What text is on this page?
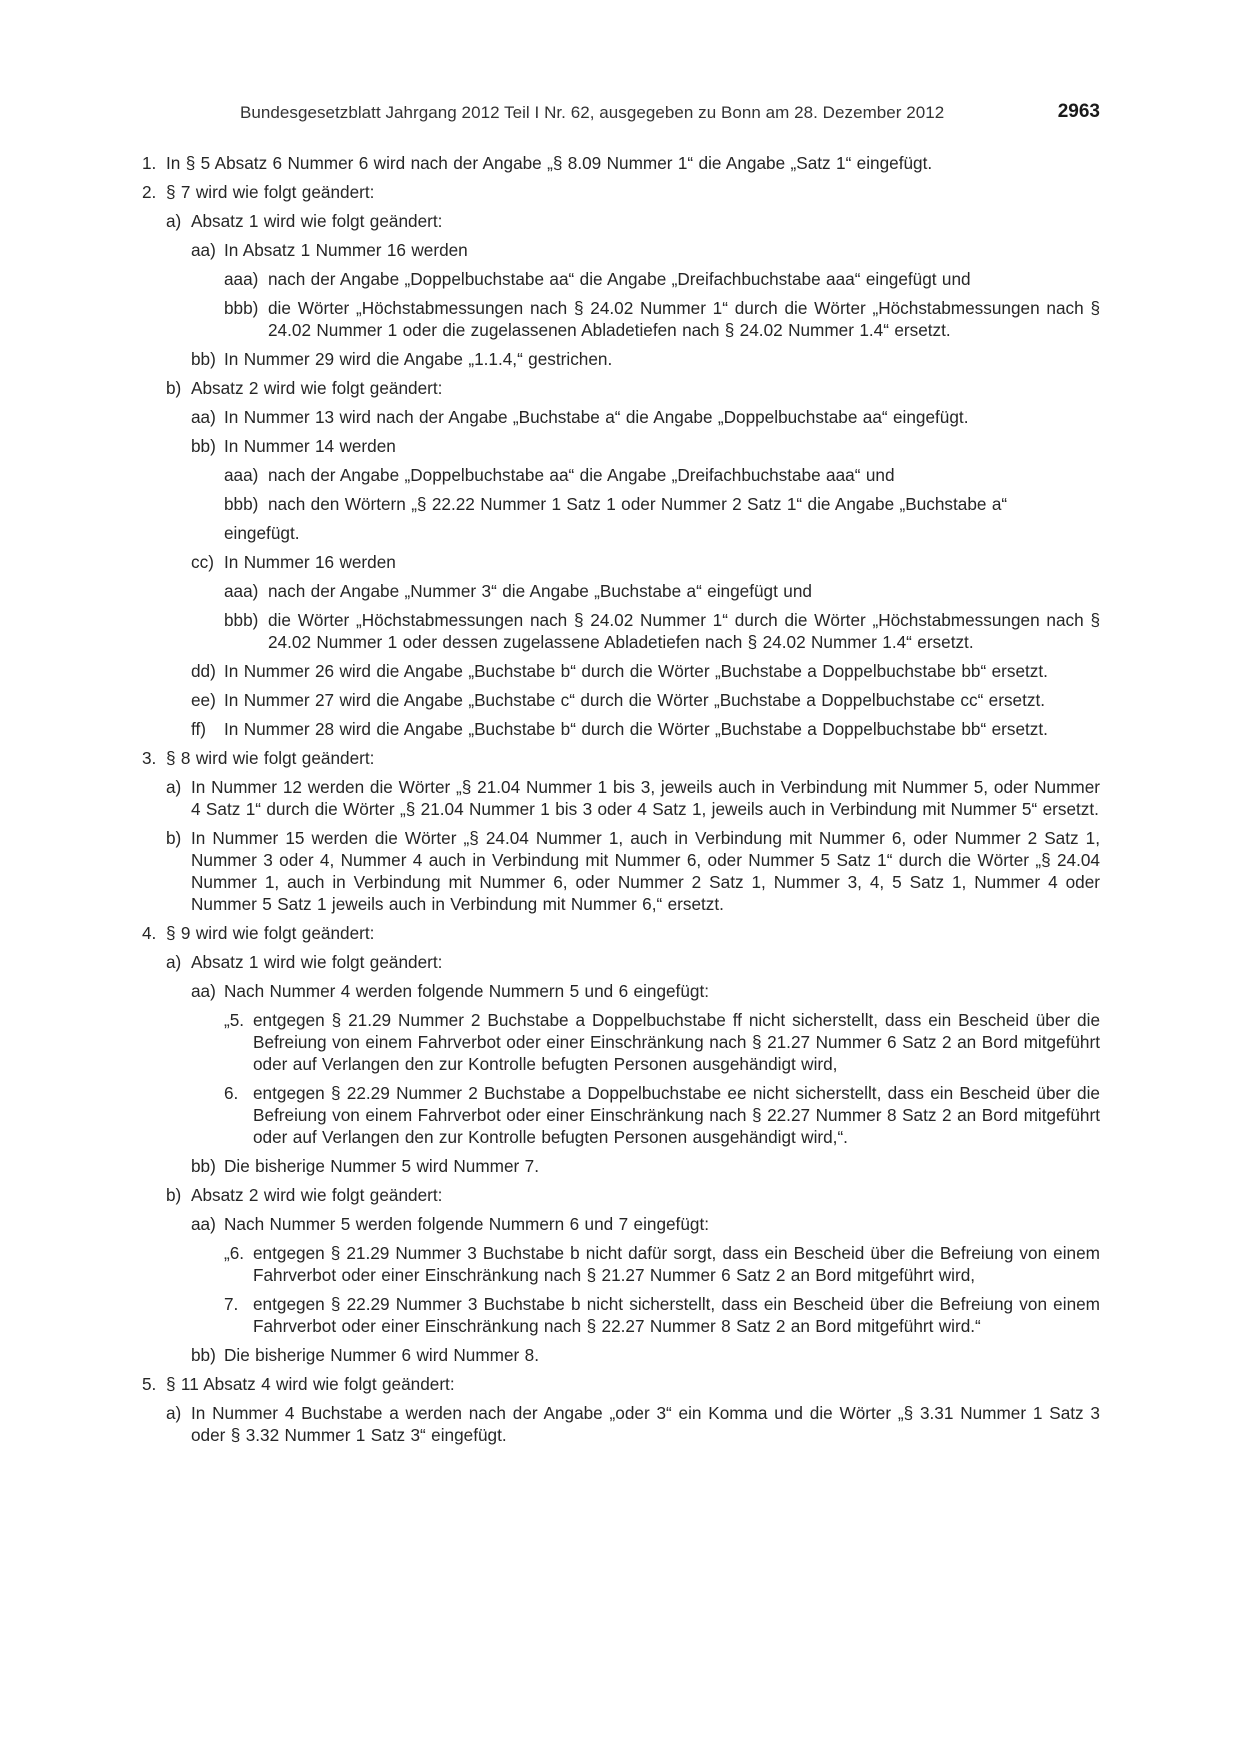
Bundesgesetzblatt Jahrgang 2012 Teil I Nr. 62, ausgegeben zu Bonn am 28. Dezember 2012	2963
1. In § 5 Absatz 6 Nummer 6 wird nach der Angabe „§ 8.09 Nummer 1“ die Angabe „Satz 1“ eingefügt.
2. § 7 wird wie folgt geändert:
a) Absatz 1 wird wie folgt geändert:
aa) In Absatz 1 Nummer 16 werden
aaa) nach der Angabe „Doppelbuchstabe aa“ die Angabe „Dreifachbuchstabe aaa“ eingefügt und
bbb) die Wörter „Höchstabmessungen nach § 24.02 Nummer 1“ durch die Wörter „Höchstabmessungen nach § 24.02 Nummer 1 oder die zugelassenen Abladetiefen nach § 24.02 Nummer 1.4“ ersetzt.
bb) In Nummer 29 wird die Angabe „1.1.4,“ gestrichen.
b) Absatz 2 wird wie folgt geändert:
aa) In Nummer 13 wird nach der Angabe „Buchstabe a“ die Angabe „Doppelbuchstabe aa“ eingefügt.
bb) In Nummer 14 werden
aaa) nach der Angabe „Doppelbuchstabe aa“ die Angabe „Dreifachbuchstabe aaa“ und
bbb) nach den Wörtern „§ 22.22 Nummer 1 Satz 1 oder Nummer 2 Satz 1“ die Angabe „Buchstabe a“
eingefügt.
cc) In Nummer 16 werden
aaa) nach der Angabe „Nummer 3“ die Angabe „Buchstabe a“ eingefügt und
bbb) die Wörter „Höchstabmessungen nach § 24.02 Nummer 1“ durch die Wörter „Höchstabmessungen nach § 24.02 Nummer 1 oder dessen zugelassene Abladetiefen nach § 24.02 Nummer 1.4“ ersetzt.
dd) In Nummer 26 wird die Angabe „Buchstabe b“ durch die Wörter „Buchstabe a Doppelbuchstabe bb“ ersetzt.
ee) In Nummer 27 wird die Angabe „Buchstabe c“ durch die Wörter „Buchstabe a Doppelbuchstabe cc“ ersetzt.
ff) In Nummer 28 wird die Angabe „Buchstabe b“ durch die Wörter „Buchstabe a Doppelbuchstabe bb“ ersetzt.
3. § 8 wird wie folgt geändert:
a) In Nummer 12 werden die Wörter „§ 21.04 Nummer 1 bis 3, jeweils auch in Verbindung mit Nummer 5, oder Nummer 4 Satz 1“ durch die Wörter „§ 21.04 Nummer 1 bis 3 oder 4 Satz 1, jeweils auch in Verbindung mit Nummer 5“ ersetzt.
b) In Nummer 15 werden die Wörter „§ 24.04 Nummer 1, auch in Verbindung mit Nummer 6, oder Nummer 2 Satz 1, Nummer 3 oder 4, Nummer 4 auch in Verbindung mit Nummer 6, oder Nummer 5 Satz 1“ durch die Wörter „§ 24.04 Nummer 1, auch in Verbindung mit Nummer 6, oder Nummer 2 Satz 1, Nummer 3, 4, 5 Satz 1, Nummer 4 oder Nummer 5 Satz 1 jeweils auch in Verbindung mit Nummer 6,“ ersetzt.
4. § 9 wird wie folgt geändert:
a) Absatz 1 wird wie folgt geändert:
aa) Nach Nummer 4 werden folgende Nummern 5 und 6 eingefügt:
„5. entgegen § 21.29 Nummer 2 Buchstabe a Doppelbuchstabe ff nicht sicherstellt, dass ein Bescheid über die Befreiung von einem Fahrverbot oder einer Einschränkung nach § 21.27 Nummer 6 Satz 2 an Bord mitgeführt oder auf Verlangen den zur Kontrolle befugten Personen ausgehändigt wird,
6. entgegen § 22.29 Nummer 2 Buchstabe a Doppelbuchstabe ee nicht sicherstellt, dass ein Bescheid über die Befreiung von einem Fahrverbot oder einer Einschränkung nach § 22.27 Nummer 8 Satz 2 an Bord mitgeführt oder auf Verlangen den zur Kontrolle befugten Personen ausgehändigt wird,“.
bb) Die bisherige Nummer 5 wird Nummer 7.
b) Absatz 2 wird wie folgt geändert:
aa) Nach Nummer 5 werden folgende Nummern 6 und 7 eingefügt:
„6. entgegen § 21.29 Nummer 3 Buchstabe b nicht dafür sorgt, dass ein Bescheid über die Befreiung von einem Fahrverbot oder einer Einschränkung nach § 21.27 Nummer 6 Satz 2 an Bord mitgeführt wird,
7. entgegen § 22.29 Nummer 3 Buchstabe b nicht sicherstellt, dass ein Bescheid über die Befreiung von einem Fahrverbot oder einer Einschränkung nach § 22.27 Nummer 8 Satz 2 an Bord mitgeführt wird.“
bb) Die bisherige Nummer 6 wird Nummer 8.
5. § 11 Absatz 4 wird wie folgt geändert:
a) In Nummer 4 Buchstabe a werden nach der Angabe „oder 3“ ein Komma und die Wörter „§ 3.31 Nummer 1 Satz 3 oder § 3.32 Nummer 1 Satz 3“ eingefügt.
